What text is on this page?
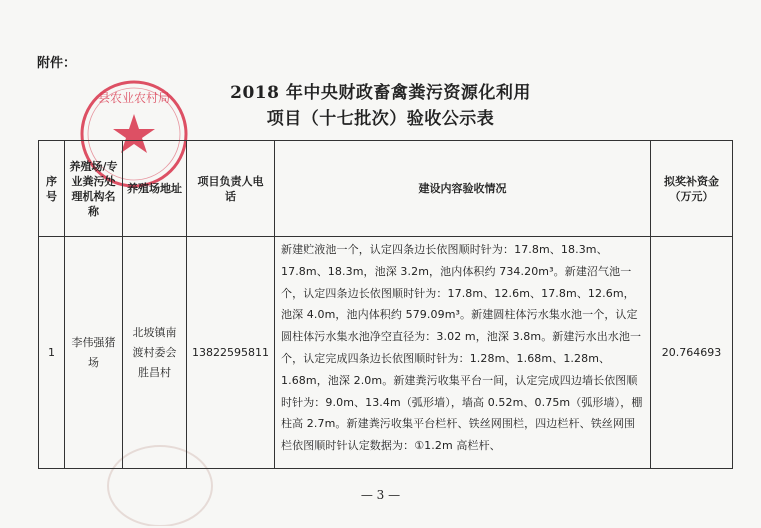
附件：
县农业农村局	2018 年中央财政畜禽粪污资源化利用
项目（十七批次）验收公示表
序号	养殖场/专业粪污处理机构名称	养殖场地址	项目负责人电话	建设内容验收情况	拟奖补资金（万元）
1	李伟强猪场	北坡镇南渡村委会胜昌村	13822595811	新建贮液池一个，认定四条边长依图顺时针为：17.8m、18.3m、17.8m、18.3m，池深 3.2m，池内体积约 734.20m³。新建沼气池一个，认定四条边长依图顺时针为：17.8m、12.6m、17.8m、12.6m，池深 4.0m，池内体积约 579.09m³。新建圆柱体污水集水池一个，认定圆柱体污水集水池净空直径为：3.02 m，池深 3.8m。新建污水出水池一个，认定完成四条边长依图顺时针为：1.28m、1.68m、1.28m、1.68m，池深 2.0m。新建粪污收集平台一间，认定完成四边墙长依图顺时针为：9.0m、13.4m（弧形墙），墙高 0.52m、0.75m（弧形墙），棚柱高 2.7m。新建粪污收集平台栏杆、铁丝网围栏，四边栏杆、铁丝网围栏依图顺时针认定数据为：①1.2m 高栏杆、	20.764693
— 3 —
